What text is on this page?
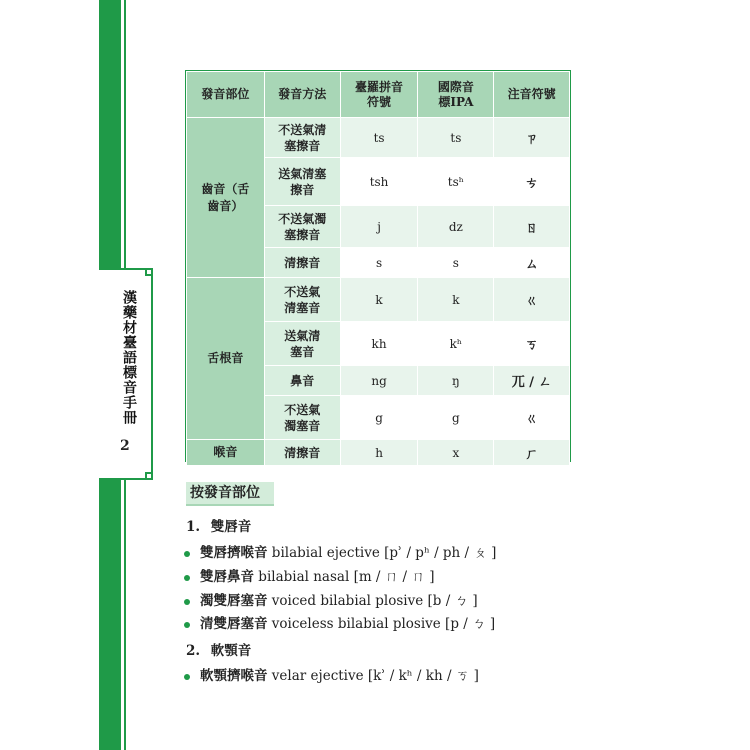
漢藥材臺語標音手冊
2
發音部位	發音方法	臺羅拼音符號	國際音標IPA	注音符號
齒音（舌齒音）	不送氣清塞擦音	ts	ts	ㄗ
	送氣清塞擦音	tsh	tsʰ	ㄘ
	不送氣濁塞擦音	j	dz	ㄖ
	清擦音	s	s	ㄙ
舌根音	不送氣清塞音	k	k	ㄍ
	送氣清塞音	kh	kʰ	ㄎ
	鼻音	ng	ŋ	ㄫ / ㄥ
	不送氣濁塞音	g	g	ㄍ
喉音	清擦音	h	x	ㄏ
按發音部位
1. 雙唇音
雙唇擠喉音 bilabial ejective [pʾ / pʰ / ph / ㄆ ]
雙唇鼻音 bilabial nasal [m / ㄇ / ㄇ ]
濁雙唇塞音 voiced bilabial plosive [b / ㄅ ]
清雙唇塞音 voiceless bilabial plosive [p / ㄅ ]
2. 軟顎音
軟顎擠喉音 velar ejective [kʾ / kʰ / kh / ㄎ ]
